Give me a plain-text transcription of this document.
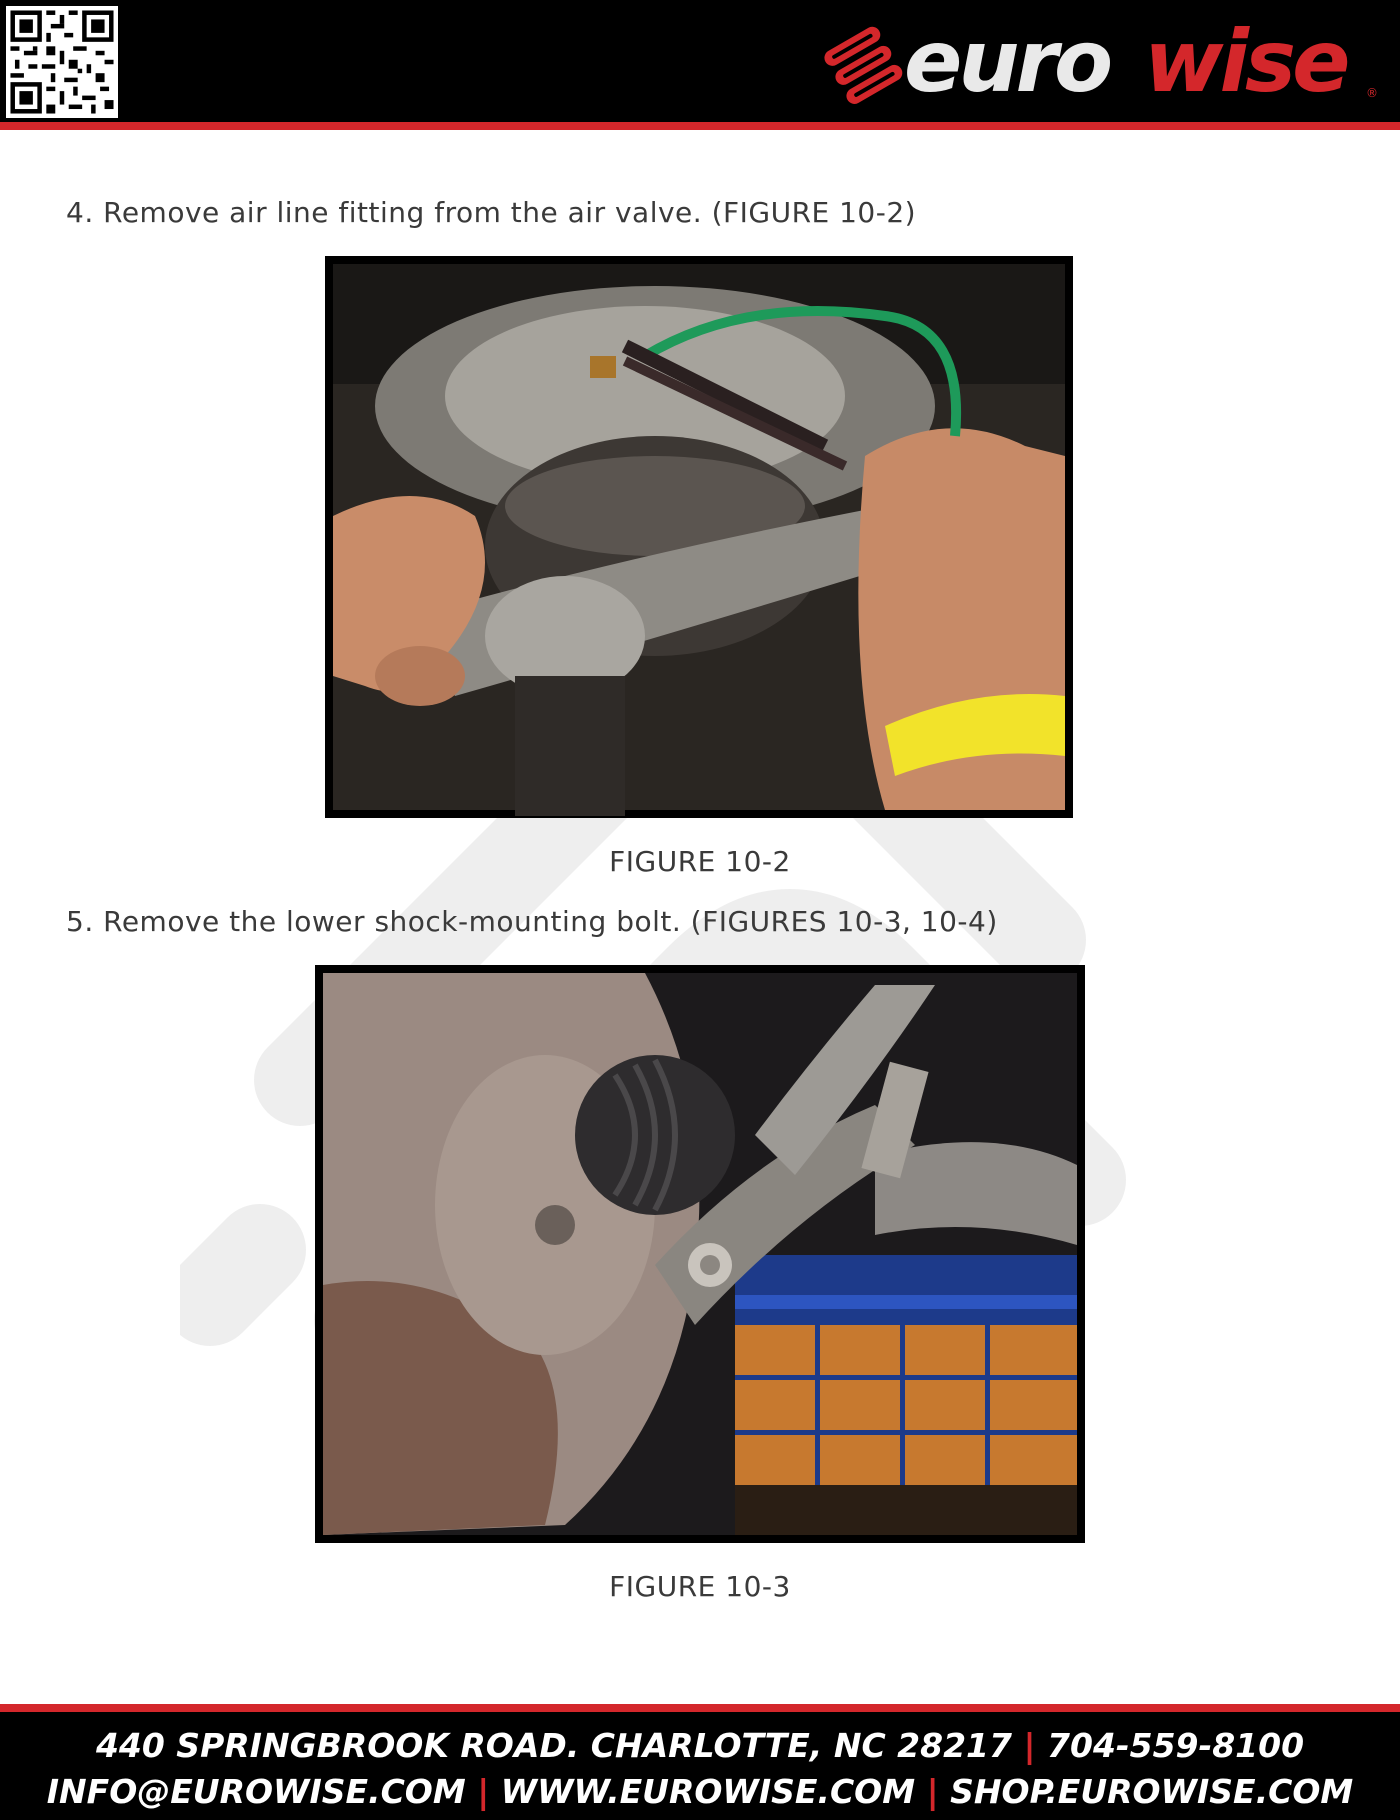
euro wise ®
4. Remove air line fitting from the air valve. (FIGURE 10-2)
FIGURE 10-2
5. Remove the lower shock-mounting bolt. (FIGURES 10-3, 10-4)
FIGURE 10-3
440 SPRINGBROOK ROAD. CHARLOTTE, NC 28217 | 704-559-8100
INFO@EUROWISE.COM | WWW.EUROWISE.COM | SHOP.EUROWISE.COM
